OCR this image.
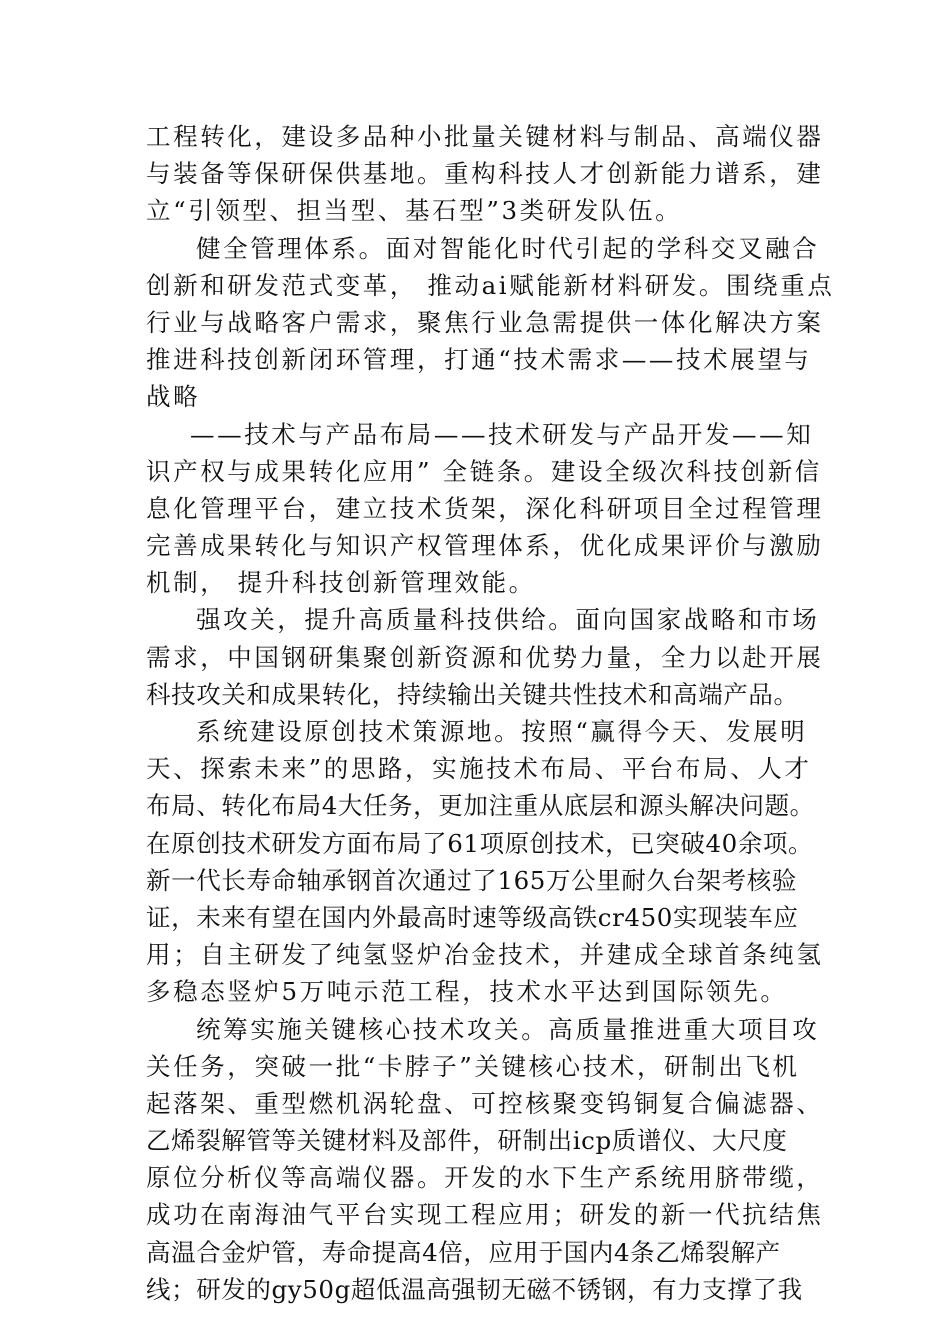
工程转化，建设多品种小批量关键材料与制品、高端仪器
与装备等保研保供基地。重构科技人才创新能力谱系，建
立“引领型、担当型、基石型”3类研发队伍。
健全管理体系。面对智能化时代引起的学科交叉融合
创新和研发范式变革， 推动ai赋能新材料研发。围绕重点
行业与战略客户需求，聚焦行业急需提供一体化解决方案
推进科技创新闭环管理，打通“技术需求——技术展望与
战略
——技术与产品布局——技术研发与产品开发——知
识产权与成果转化应用” 全链条。建设全级次科技创新信
息化管理平台，建立技术货架，深化科研项目全过程管理
完善成果转化与知识产权管理体系，优化成果评价与激励
机制， 提升科技创新管理效能。
强攻关，提升高质量科技供给。面向国家战略和市场
需求，中国钢研集聚创新资源和优势力量，全力以赴开展
科技攻关和成果转化，持续输出关键共性技术和高端产品。
系统建设原创技术策源地。按照“赢得今天、发展明
天、探索未来”的思路，实施技术布局、平台布局、人才
布局、转化布局4大任务，更加注重从底层和源头解决问题。
在原创技术研发方面布局了61项原创技术，已突破40余项。
新一代长寿命轴承钢首次通过了165万公里耐久台架考核验
证，未来有望在国内外最高时速等级高铁cr450实现装车应
用；自主研发了纯氢竖炉冶金技术，并建成全球首条纯氢
多稳态竖炉5万吨示范工程，技术水平达到国际领先。
统筹实施关键核心技术攻关。高质量推进重大项目攻
关任务，突破一批“卡脖子”关键核心技术，研制出飞机
起落架、重型燃机涡轮盘、可控核聚变钨铜复合偏滤器、
乙烯裂解管等关键材料及部件，研制出icp质谱仪、大尺度
原位分析仪等高端仪器。开发的水下生产系统用脐带缆，
成功在南海油气平台实现工程应用；研发的新一代抗结焦
高温合金炉管，寿命提高4倍，应用于国内4条乙烯裂解产
线；研发的gy50g超低温高强韧无磁不锈钢，有力支撑了我
